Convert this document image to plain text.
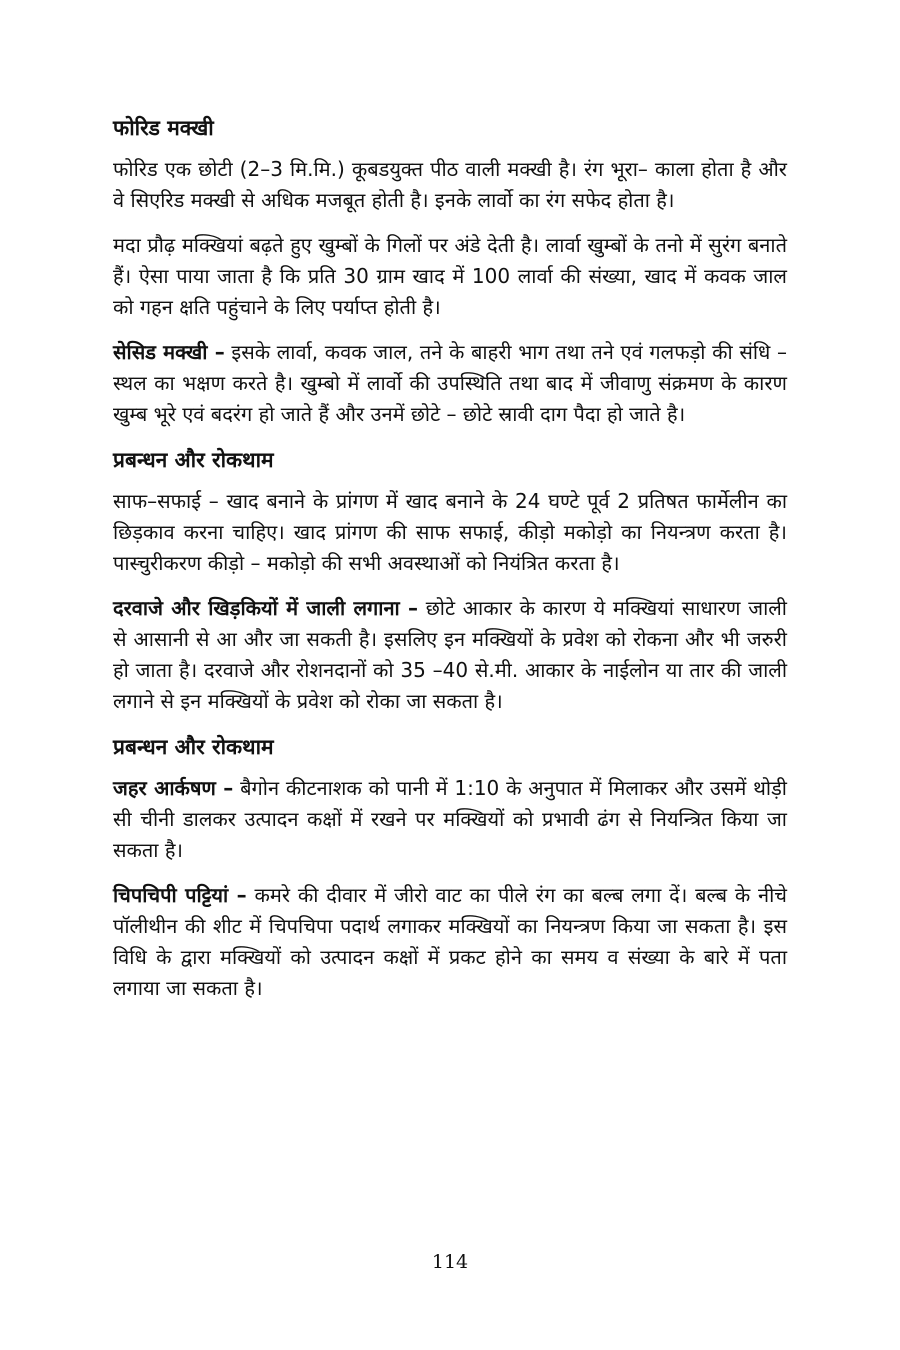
फोरिड मक्खी

फोरिड एक छोटी (2–3 मि.मि.) कूबडयुक्त पीठ वाली मक्खी है। रंग भूरा– काला होता है और वे सिएरिड मक्खी से अधिक मजबूत होती है। इनके लार्वो का रंग सफेद होता है।

मदा प्रौढ़ मक्खियां बढ़ते हुए खुम्बों के गिलों पर अंडे देती है। लार्वा खुम्बों के तनो में सुरंग बनाते हैं। ऐसा पाया जाता है कि प्रति 30 ग्राम खाद में 100 लार्वा की संख्या, खाद में कवक जाल को गहन क्षति पहुंचाने के लिए पर्याप्त होती है।

सेसिड मक्खी – इसके लार्वा, कवक जाल, तने के बाहरी भाग तथा तने एवं गलफड़ो की संधि – स्थल का भक्षण करते है। खुम्बो में लार्वो की उपस्थिति तथा बाद में जीवाणु संक्रमण के कारण खुम्ब भूरे एवं बदरंग हो जाते हैं और उनमें छोटे – छोटे स्रावी दाग पैदा हो जाते है।

प्रबन्धन और रोकथाम

साफ–सफाई – खाद बनाने के प्रांगण में खाद बनाने के 24 घण्टे पूर्व 2 प्रतिषत फार्मेलीन का छिड़काव करना चाहिए। खाद प्रांगण की साफ सफाई, कीड़ो मकोड़ो का नियन्त्रण करता है। पास्चुरीकरण कीड़ो – मकोड़ो की सभी अवस्थाओं को नियंत्रित करता है।

दरवाजे और खिड़कियों में जाली लगाना – छोटे आकार के कारण ये मक्खियां साधारण जाली से आसानी से आ और जा सकती है। इसलिए इन मक्खियों के प्रवेश को रोकना और भी जरुरी हो जाता है। दरवाजे और रोशनदानों को 35 –40 से.मी. आकार के नाईलोन या तार की जाली लगाने से इन मक्खियों के प्रवेश को रोका जा सकता है।

प्रबन्धन और रोकथाम

जहर आर्कषण – बैगोन कीटनाशक को पानी में 1:10 के अनुपात में मिलाकर और उसमें थोड़ी सी चीनी डालकर उत्पादन कक्षों में रखने पर मक्खियों को प्रभावी ढंग से नियन्त्रित किया जा सकता है।

चिपचिपी पट्टियां – कमरे की दीवार में जीरो वाट का पीले रंग का बल्ब लगा दें। बल्ब के नीचे पॉलीथीन की शीट में चिपचिपा पदार्थ लगाकर मक्खियों का नियन्त्रण किया जा सकता है। इस विधि के द्वारा मक्खियों को उत्पादन कक्षों में प्रकट होने का समय व संख्या के बारे में पता लगाया जा सकता है।

114
